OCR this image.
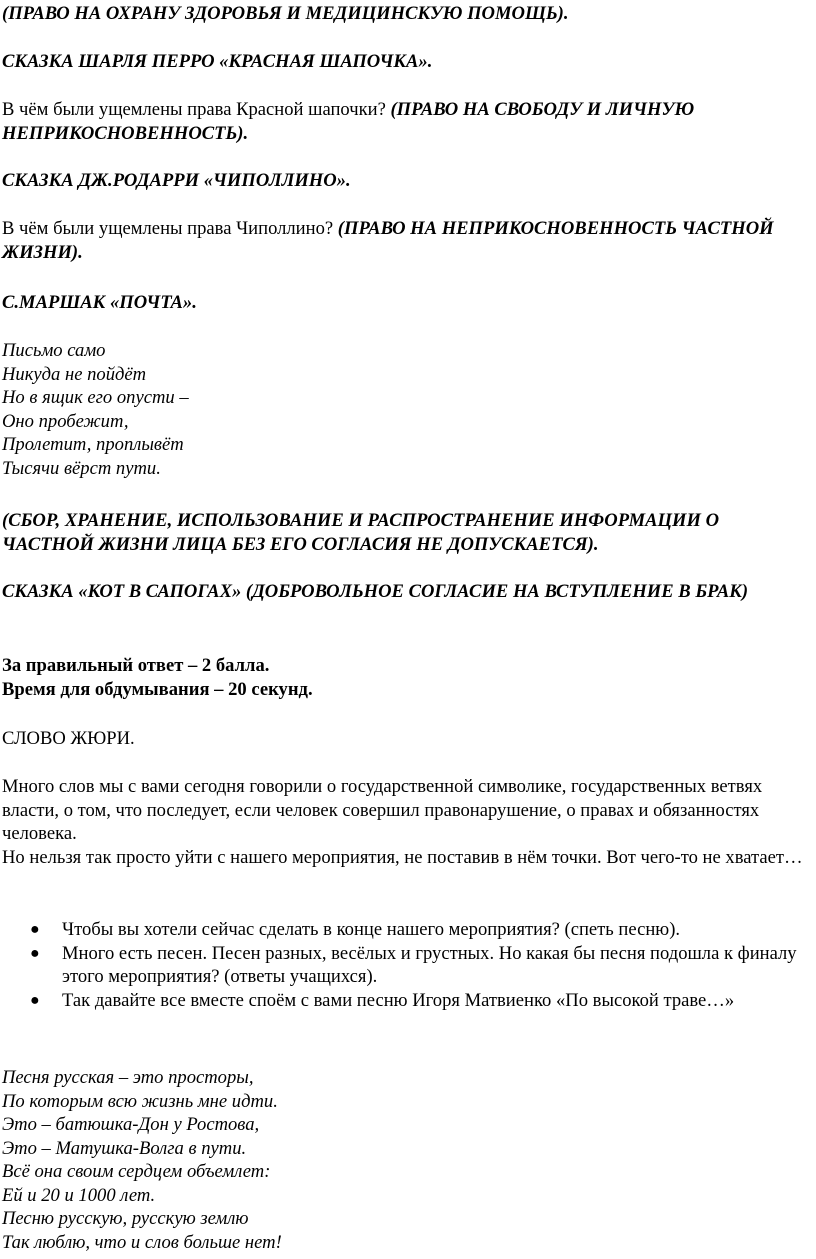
(ПРАВО НА ОХРАНУ ЗДОРОВЬЯ И МЕДИЦИНСКУЮ ПОМОЩЬ).

СКАЗКА ШАРЛЯ ПЕРРО «КРАСНАЯ ШАПОЧКА».

В чём были ущемлены права Красной шапочки? (ПРАВО НА СВОБОДУ И ЛИЧНУЮ НЕПРИКОСНОВЕННОСТЬ).

СКАЗКА ДЖ.РОДАРРИ «ЧИПОЛЛИНО».

В чём были ущемлены права Чиполлино? (ПРАВО НА НЕПРИКОСНОВЕННОСТЬ ЧАСТНОЙ ЖИЗНИ).

С.МАРШАК «ПОЧТА».

Письмо само
Никуда не пойдёт
Но в ящик его опусти –
Оно пробежит,
Пролетит, проплывёт
Тысячи вёрст пути.

(СБОР, ХРАНЕНИЕ, ИСПОЛЬЗОВАНИЕ И РАСПРОСТРАНЕНИЕ ИНФОРМАЦИИ О ЧАСТНОЙ ЖИЗНИ ЛИЦА БЕЗ ЕГО СОГЛАСИЯ НЕ ДОПУСКАЕТСЯ).

СКАЗКА «КОТ В САПОГАХ» (ДОБРОВОЛЬНОЕ СОГЛАСИЕ НА ВСТУПЛЕНИЕ В БРАК)

За правильный ответ – 2 балла.
Время для обдумывания – 20 секунд.

СЛОВО ЖЮРИ.

Много слов мы с вами сегодня говорили о государственной символике, государственных ветвях власти, о том, что последует, если человек совершил правонарушение, о правах и обязанностях человека.

Но нельзя так просто уйти с нашего мероприятия, не поставив в нём точки. Вот чего-то не хватает…

● Чтобы вы хотели сейчас сделать в конце нашего мероприятия? (спеть песню).
● Много есть песен. Песен разных, весёлых и грустных. Но какая бы песня подошла к финалу этого мероприятия? (ответы учащихся).
● Так давайте все вместе споём с вами песню Игоря Матвиенко «По высокой траве…»
Песня русская – это просторы,
По которым всю жизнь мне идти.
Это – батюшка-Дон у Ростова,
Это – Матушка-Волга в пути.
Всё она своим сердцем объемлет:
Ей и 20 и 1000 лет.
Песню русскую, русскую землю
Так люблю, что и слов больше нет!
